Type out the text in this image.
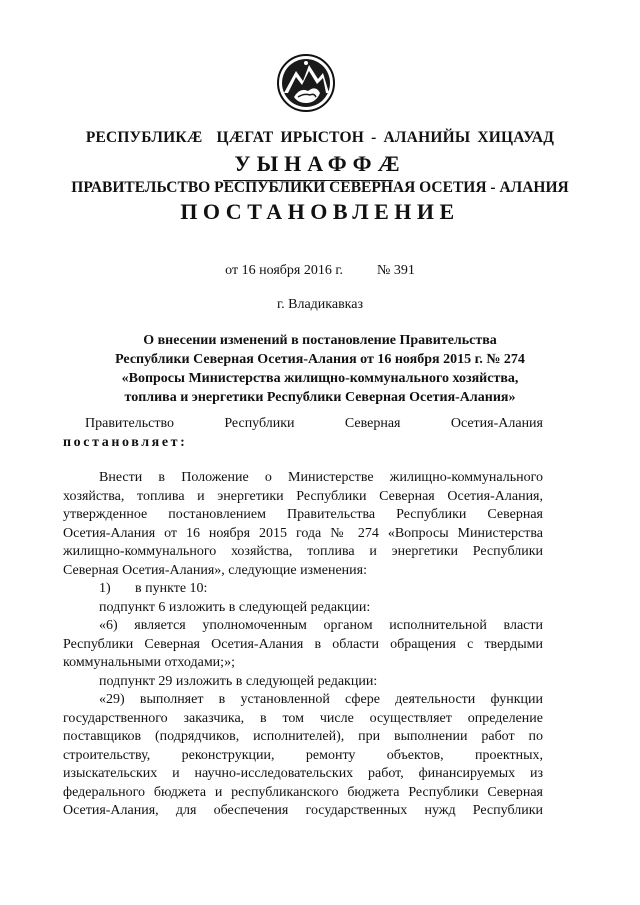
РЕСПУБЛИКӔ ЦӔГАТ ИРЫСТОН - АЛАНИЙЫ ХИЦАУАД
УЫНАФФӔ
ПРАВИТЕЛЬСТВО РЕСПУБЛИКИ СЕВЕРНАЯ ОСЕТИЯ - АЛАНИЯ
ПОСТАНОВЛЕНИЕ
от 16 ноября 2016 г. № 391
г. Владикавказ
О внесении изменений в постановление Правительства
Республики Северная Осетия-Алания от 16 ноября 2015 г. № 274
«Вопросы Министерства жилищно-коммунального хозяйства,
топлива и энергетики Республики Северная Осетия-Алания»
Правительство Республики Северная Осетия-Алания
постановляет:
Внести в Положение о Министерстве жилищно-коммунального
хозяйства, топлива и энергетики Республики Северная Осетия-Алания,
утвержденное постановлением Правительства Республики Северная
Осетия-Алания от 16 ноября 2015 года № 274 «Вопросы Министерства
жилищно-коммунального хозяйства, топлива и энергетики Республики
Северная Осетия-Алания», следующие изменения:
1) в пункте 10:
подпункт 6 изложить в следующей редакции:
«6) является уполномоченным органом исполнительной власти
Республики Северная Осетия-Алания в области обращения с твердыми
коммунальными отходами;»;
подпункт 29 изложить в следующей редакции:
«29) выполняет в установленной сфере деятельности функции
государственного заказчика, в том числе осуществляет определение
поставщиков (подрядчиков, исполнителей), при выполнении работ по
строительству, реконструкции, ремонту объектов, проектных,
изыскательских и научно-исследовательских работ, финансируемых из
федерального бюджета и республиканского бюджета Республики Северная
Осетия-Алания, для обеспечения государственных нужд Республики
